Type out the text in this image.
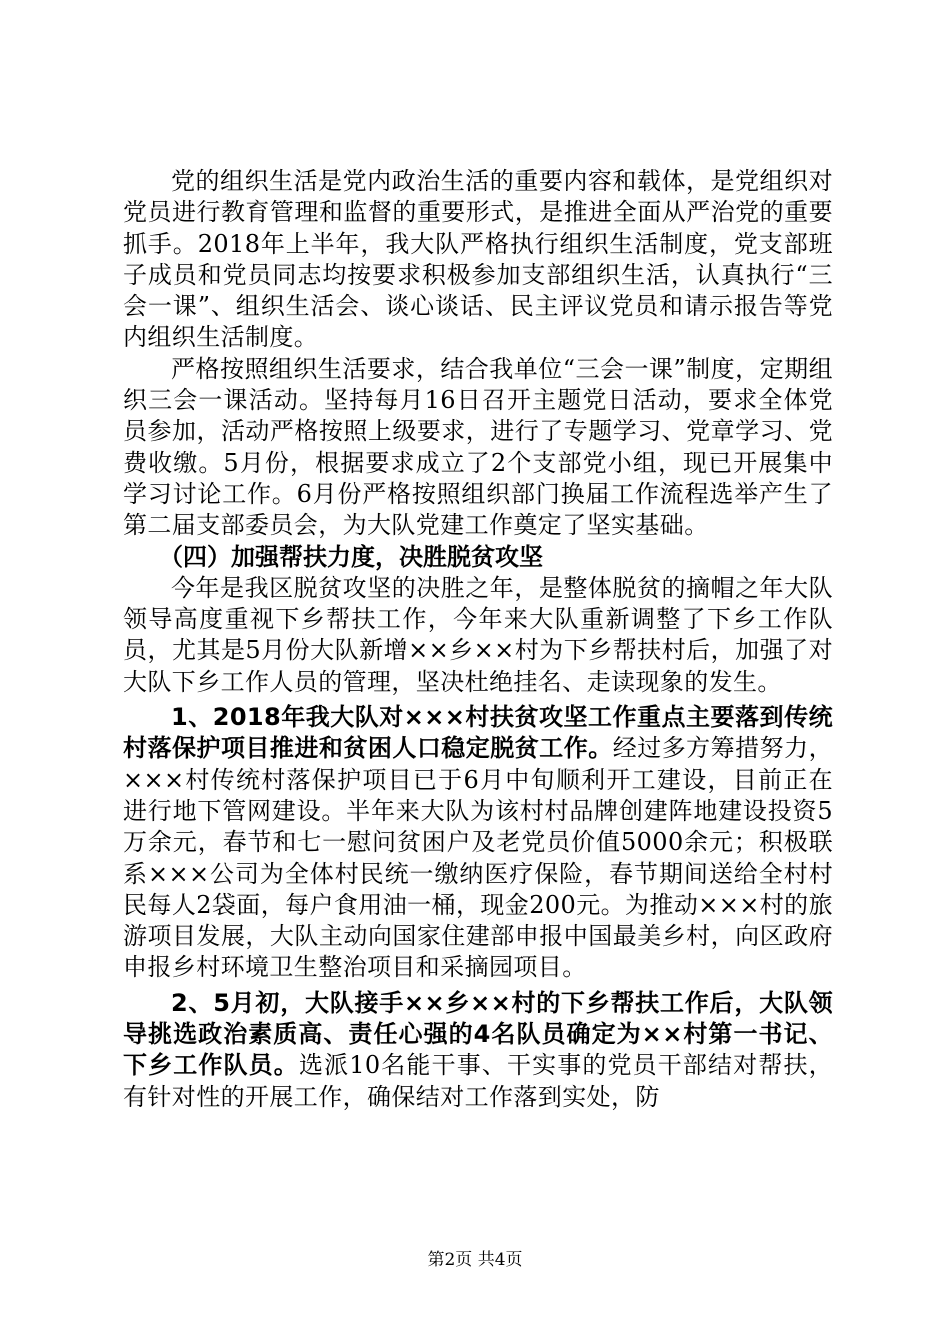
党的组织生活是党内政治生活的重要内容和载体，是党组织对党员进行教育管理和监督的重要形式，是推进全面从严治党的重要抓手。2018年上半年，我大队严格执行组织生活制度，党支部班子成员和党员同志均按要求积极参加支部组织生活，认真执行“三会一课”、组织生活会、谈心谈话、民主评议党员和请示报告等党内组织生活制度。

严格按照组织生活要求，结合我单位“三会一课”制度，定期组织三会一课活动。坚持每月16日召开主题党日活动，要求全体党员参加，活动严格按照上级要求，进行了专题学习、党章学习、党费收缴。5月份，根据要求成立了2个支部党小组，现已开展集中学习讨论工作。6月份严格按照组织部门换届工作流程选举产生了第二届支部委员会，为大队党建工作奠定了坚实基础。

（四）加强帮扶力度，决胜脱贫攻坚

今年是我区脱贫攻坚的决胜之年，是整体脱贫的摘帽之年大队领导高度重视下乡帮扶工作，今年来大队重新调整了下乡工作队员，尤其是5月份大队新增××乡××村为下乡帮扶村后，加强了对大队下乡工作人员的管理，坚决杜绝挂名、走读现象的发生。

1、2018年我大队对×××村扶贫攻坚工作重点主要落到传统村落保护项目推进和贫困人口稳定脱贫工作。经过多方筹措努力，×××村传统村落保护项目已于6月中旬顺利开工建设，目前正在进行地下管网建设。半年来大队为该村村品牌创建阵地建设投资5万余元，春节和七一慰问贫困户及老党员价值5000余元；积极联系×××公司为全体村民统一缴纳医疗保险，春节期间送给全村村民每人2袋面，每户食用油一桶，现金200元。为推动×××村的旅游项目发展，大队主动向国家住建部申报中国最美乡村，向区政府申报乡村环境卫生整治项目和采摘园项目。

2、5月初，大队接手××乡××村的下乡帮扶工作后，大队领导挑选政治素质高、责任心强的4名队员确定为××村第一书记、下乡工作队员。选派10名能干事、干实事的党员干部结对帮扶，有针对性的开展工作，确保结对工作落到实处，防

第2页 共4页
